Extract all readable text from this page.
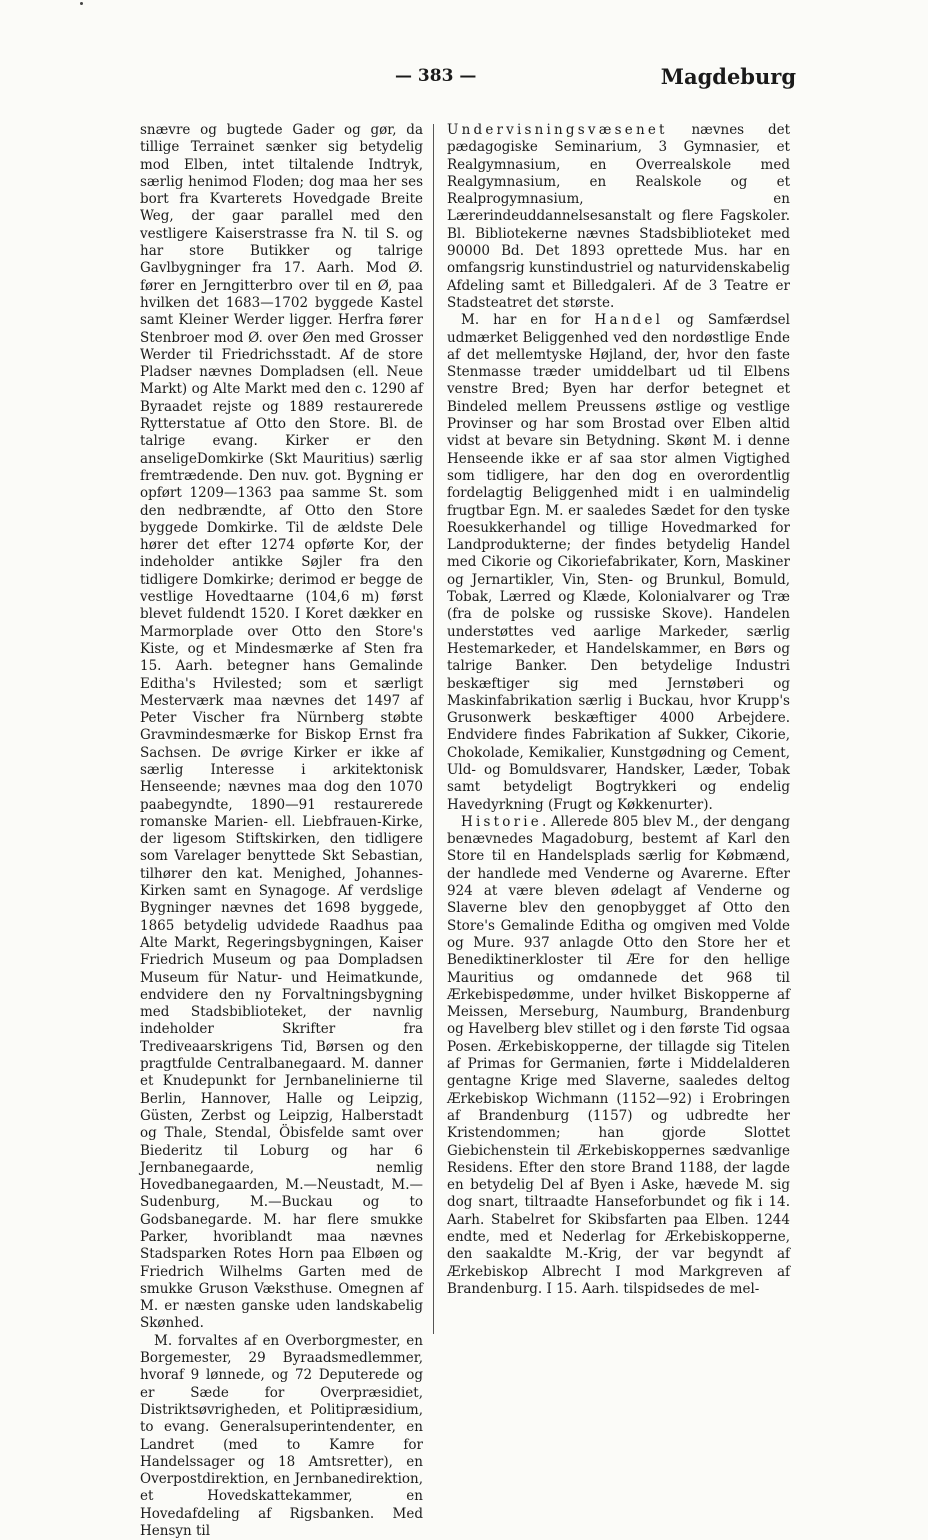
— 383 —	Magdeburg

snævre og bugtede Gader og gør, da tillige Terrainet sænker sig betydelig mod Elben, intet tiltalende Indtryk, særlig henimod Floden; dog maa her ses bort fra Kvarterets Hovedgade Breite Weg, der gaar parallel med den vestligere Kaiserstrasse fra N. til S. og har store Butikker og talrige Gavlbygninger fra 17. Aarh. Mod Ø. fører en Jerngitterbro over til en Ø, paa hvilken det 1683—1702 byggede Kastel samt Kleiner Werder ligger. Herfra fører Stenbroer mod Ø. over Øen med Grosser Werder til Friedrichsstadt. Af de store Pladser nævnes Dompladsen (ell. Neue Markt) og Alte Markt med den c. 1290 af Byraadet rejste og 1889 restaurerede Rytterstatue af Otto den Store. Bl. de talrige evang. Kirker er den anseligeDomkirke (Skt Mauritius) særlig fremtrædende. Den nuv. got. Bygning er opført 1209—1363 paa samme St. som den nedbrændte, af Otto den Store byggede Domkirke. Til de ældste Dele hører det efter 1274 opførte Kor, der indeholder antikke Søjler fra den tidligere Domkirke; derimod er begge de vestlige Hovedtaarne (104,6 m) først blevet fuldendt 1520. I Koret dækker en Marmorplade over Otto den Store's Kiste, og et Mindesmærke af Sten fra 15. Aarh. betegner hans Gemalinde Editha's Hvilested; som et særligt Mesterværk maa nævnes det 1497 af Peter Vischer fra Nürnberg støbte Gravmindesmærke for Biskop Ernst fra Sachsen. De øvrige Kirker er ikke af særlig Interesse i arkitektonisk Henseende; nævnes maa dog den 1070 paabegyndte, 1890—91 restaurerede romanske Marien- ell. Liebfrauen-Kirke, der ligesom Stiftskirken, den tidligere som Varelager benyttede Skt Sebastian, tilhører den kat. Menighed, Johannes-Kirken samt en Synagoge. Af verdslige Bygninger nævnes det 1698 byggede, 1865 betydelig udvidede Raadhus paa Alte Markt, Regeringsbygningen, Kaiser Friedrich Museum og paa Dompladsen Museum für Natur- und Heimatkunde, endvidere den ny Forvaltningsbygning med Stadsbiblioteket, der navnlig indeholder Skrifter fra Trediveaarskrigens Tid, Børsen og den pragtfulde Centralbanegaard. M. danner et Knudepunkt for Jernbanelinierne til Berlin, Hannover, Halle og Leipzig, Güsten, Zerbst og Leipzig, Halberstadt og Thale, Stendal, Öbisfelde samt over Biederitz til Loburg og har 6 Jernbanegaarde, nemlig Hovedbanegaarden, M.—Neustadt, M.—Sudenburg, M.—Buckau og to Godsbanegarde. M. har flere smukke Parker, hvoriblandt maa nævnes Stadsparken Rotes Horn paa Elbøen og Friedrich Wilhelms Garten med de smukke Gruson Væksthuse. Omegnen af M. er næsten ganske uden landskabelig Skønhed.

M. forvaltes af en Overborgmester, en Borgemester, 29 Byraadsmedlemmer, hvoraf 9 lønnede, og 72 Deputerede og er Sæde for Overpræsidiet, Distriktsøvrigheden, et Politipræsidium, to evang. Generalsuperintendenter, en Landret (med to Kamre for Handelssager og 18 Amtsretter), en Overpostdirektion, en Jernbanedirektion, et Hovedskattekammer, en Hovedafdeling af Rigsbanken. Med Hensyn til

Undervisningsvæsenet nævnes det pædagogiske Seminarium, 3 Gymnasier, et Realgymnasium, en Overrealskole med Realgymnasium, en Realskole og et Realprogymnasium, en Lærerindeuddannelsesanstalt og flere Fagskoler. Bl. Bibliotekerne nævnes Stadsbiblioteket med 90000 Bd. Det 1893 oprettede Mus. har en omfangsrig kunstindustriel og naturvidenskabelig Afdeling samt et Billedgaleri. Af de 3 Teatre er Stadsteatret det største.

M. har en for Handel og Samfærdsel udmærket Beliggenhed ved den nordøstlige Ende af det mellemtyske Højland, der, hvor den faste Stenmasse træder umiddelbart ud til Elbens venstre Bred; Byen har derfor betegnet et Bindeled mellem Preussens østlige og vestlige Provinser og har som Brostad over Elben altid vidst at bevare sin Betydning. Skønt M. i denne Henseende ikke er af saa stor almen Vigtighed som tidligere, har den dog en overordentlig fordelagtig Beliggenhed midt i en ualmindelig frugtbar Egn. M. er saaledes Sædet for den tyske Roesukkerhandel og tillige Hovedmarked for Landprodukterne; der findes betydelig Handel med Cikorie og Cikoriefabrikater, Korn, Maskiner og Jernartikler, Vin, Sten- og Brunkul, Bomuld, Tobak, Lærred og Klæde, Kolonialvarer og Træ (fra de polske og russiske Skove). Handelen understøttes ved aarlige Markeder, særlig Hestemarkeder, et Handelskammer, en Børs og talrige Banker. Den betydelige Industri beskæftiger sig med Jernstøberi og Maskinfabrikation særlig i Buckau, hvor Krupp's Grusonwerk beskæftiger 4000 Arbejdere. Endvidere findes Fabrikation af Sukker, Cikorie, Chokolade, Kemikalier, Kunstgødning og Cement, Uld- og Bomuldsvarer, Handsker, Læder, Tobak samt betydeligt Bogtrykkeri og endelig Havedyrkning (Frugt og Køkkenurter).

Historie. Allerede 805 blev M., der dengang benævnedes Magadoburg, bestemt af Karl den Store til en Handelsplads særlig for Købmænd, der handlede med Venderne og Avarerne. Efter 924 at være bleven ødelagt af Venderne og Slaverne blev den genopbygget af Otto den Store's Gemalinde Editha og omgiven med Volde og Mure. 937 anlagde Otto den Store her et Benediktinerkloster til Ære for den hellige Mauritius og omdannede det 968 til Ærkebispedømme, under hvilket Biskopperne af Meissen, Merseburg, Naumburg, Brandenburg og Havelberg blev stillet og i den første Tid ogsaa Posen. Ærkebiskopperne, der tillagde sig Titelen af Primas for Germanien, førte i Middelalderen gentagne Krige med Slaverne, saaledes deltog Ærkebiskop Wichmann (1152—92) i Erobringen af Brandenburg (1157) og udbredte her Kristendommen; han gjorde Slottet Giebichenstein til Ærkebiskoppernes sædvanlige Residens. Efter den store Brand 1188, der lagde en betydelig Del af Byen i Aske, hævede M. sig dog snart, tiltraadte Hanseforbundet og fik i 14. Aarh. Stabelret for Skibsfarten paa Elben. 1244 endte, med et Nederlag for Ærkebiskopperne, den saakaldte M.-Krig, der var begyndt af Ærkebiskop Albrecht I mod Markgreven af Brandenburg. I 15. Aarh. tilspidsedes de mel-
